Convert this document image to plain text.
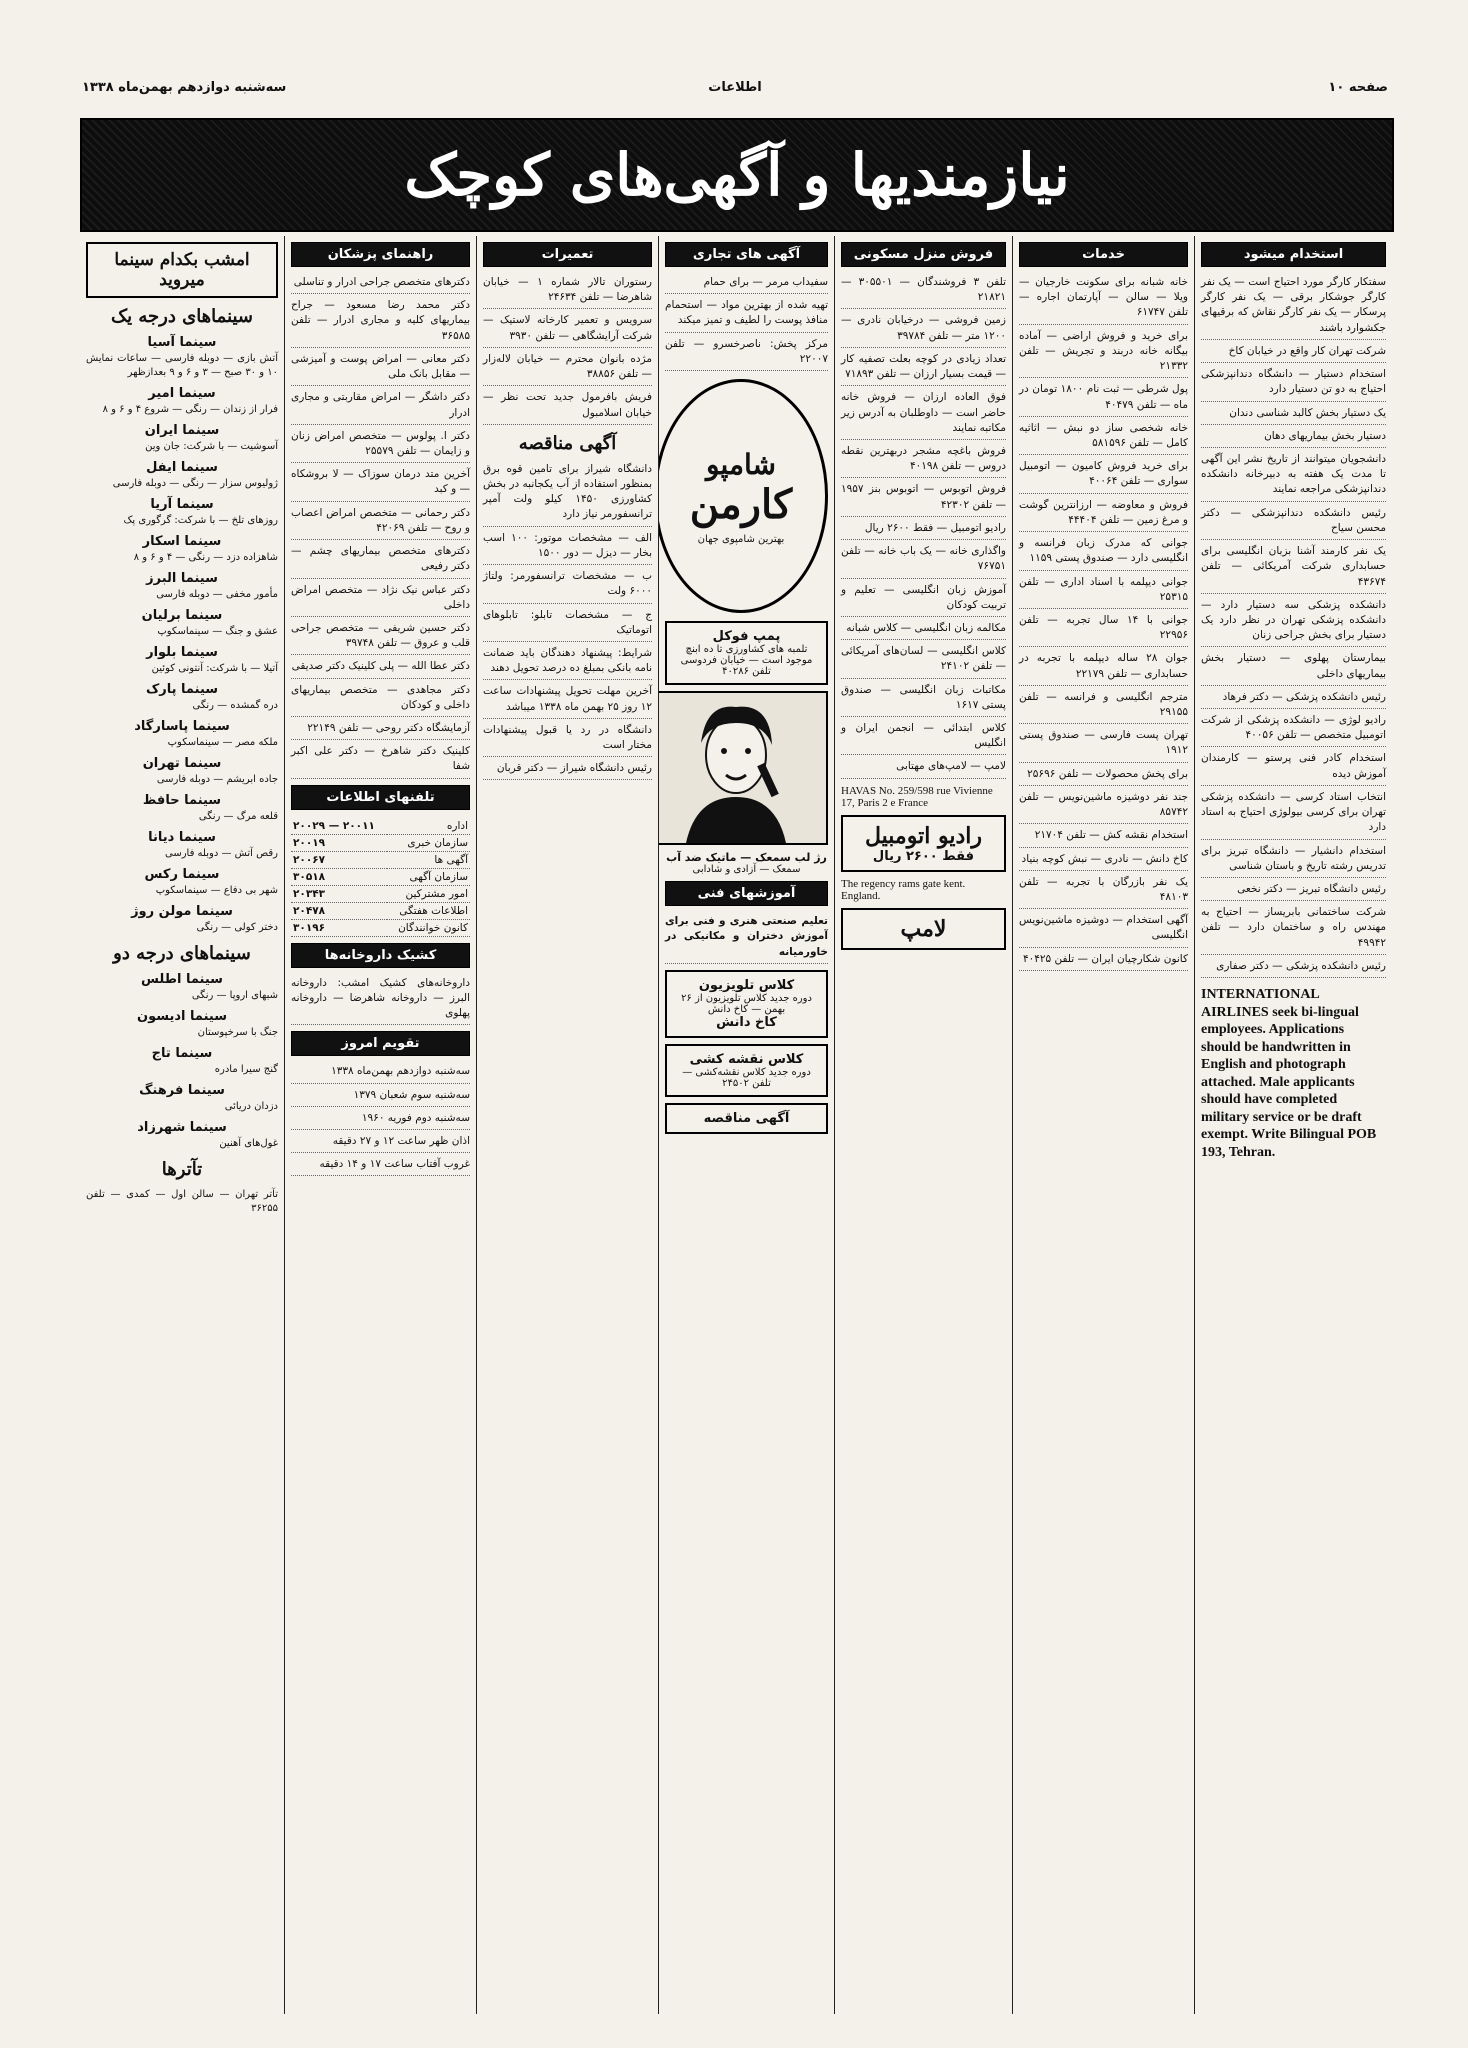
صفحه ۱۰
اطلاعات
سه‌شنبه دوازدهم بهمن‌ماه ۱۳۳۸
نیازمندیها و آگهی‌های کوچک
استخدام میشود
سفتکار کارگر مورد احتیاج است — یک نفر کارگر جوشکار برقی — یک نفر کارگر پرسکار — یک نفر کارگر نقاش که برقیهای جکشوارد باشند
شرکت تهران کار واقع در خیابان کاخ
استخدام دستیار — دانشگاه دندانپزشکی احتیاج به دو تن دستیار دارد
یک دستیار بخش کالبد شناسی دندان
دستیار بخش بیماریهای دهان
دانشجویان میتوانند از تاریخ نشر این آگهی تا مدت یک هفته به دبیرخانه دانشکده دندانپزشکی مراجعه نمایند
رئیس دانشکده دندانپزشکی — دکتر محسن سیاح
یک نفر کارمند آشنا بزبان انگلیسی برای حسابداری شرکت آمریکائی — تلفن ۴۳۶۷۴
دانشکده پزشکی سه دستیار دارد — دانشکده پزشکی تهران در نظر دارد یک دستیار برای بخش جراحی زنان
بیمارستان پهلوی — دستیار بخش بیماریهای داخلی
رئیس دانشکده پزشکی — دکتر فرهاد
رادیو لوژی — دانشکده پزشکی از شرکت اتومبیل متخصص — تلفن ۴۰۰۵۶
استخدام کادر فنی پرستو — کارمندان آموزش دیده
انتخاب استاد کرسی — دانشکده پزشکی تهران برای کرسی بیولوژی احتیاج به استاد دارد
استخدام دانشیار — دانشگاه تبریز برای تدریس رشته تاریخ و باستان شناسی
رئیس دانشگاه تبریز — دکتر نخعی
شرکت ساختمانی بابریساز — احتیاج به مهندس راه و ساختمان دارد — تلفن ۴۹۹۴۲
رئیس دانشکده پزشکی — دکتر صفاری
INTERNATIONAL AIRLINES seek bi-lingual employees. Applications should be handwritten in English and photograph attached. Male applicants should have completed military service or be draft exempt. Write Bilingual POB 193, Tehran.
خدمات
خانه شبانه برای سکونت خارجیان — ویلا — سالن — آپارتمان اجاره — تلفن ۶۱۷۴۷
برای خرید و فروش اراضی — آماده بیگانه خانه دربند و تجریش — تلفن ۲۱۳۳۲
پول شرطی — ثبت نام ۱۸۰۰ تومان در ماه — تلفن ۴۰۴۷۹
خانه شخصی ساز دو نبش — اثاثیه کامل — تلفن ۵۸۱۵۹۶
برای خرید فروش کامیون — اتومبیل سواری — تلفن ۴۰۰۶۴
فروش و معاوضه — ارزانترین گوشت و مرغ زمین — تلفن ۴۴۴۰۴
جوانی که مدرک زبان فرانسه و انگلیسی دارد — صندوق پستی ۱۱۵۹
جوانی دیپلمه با اسناد اداری — تلفن ۲۵۳۱۵
جوانی با ۱۴ سال تجربه — تلفن ۲۲۹۵۶
جوان ۲۸ ساله دیپلمه با تجربه در حسابداری — تلفن ۲۲۱۷۹
مترجم انگلیسی و فرانسه — تلفن ۲۹۱۵۵
تهران پست فارسی — صندوق پستی ۱۹۱۲
برای پخش محصولات — تلفن ۲۵۶۹۶
جند نفر دوشیزه ماشین‌نویس — تلفن ۸۵۷۴۲
استخدام نقشه کش — تلفن ۲۱۷۰۴
کاخ دانش — نادری — نبش کوچه بنیاد
یک نفر بازرگان با تجربه — تلفن ۴۸۱۰۳
آگهی استخدام — دوشیزه ماشین‌نویس انگلیسی
کانون شکارچیان ایران — تلفن ۴۰۴۲۵
فروش منزل مسکونی
تلفن ۳ فروشندگان — ۳۰۵۵۰۱ — ۲۱۸۲۱
زمین فروشی — درخیابان نادری — ۱۲۰۰ متر — تلفن ۳۹۷۸۴
تعداد زیادی در کوچه بعلت تصفیه کار — قیمت بسیار ارزان — تلفن ۷۱۸۹۳
فوق العاده ارزان — فروش خانه حاضر است — داوطلبان به آدرس زیر مکاتبه نمایند
فروش باغچه مشجر دربهترین نقطه دروس — تلفن ۴۰۱۹۸
فروش اتوبوس — اتوبوس بنز ۱۹۵۷ — تلفن ۴۲۳۰۲
رادیو اتومبیل — فقط ۲۶۰۰ ریال
واگذاری خانه — یک باب خانه — تلفن ۷۶۷۵۱
آموزش زبان انگلیسی — تعلیم و تربیت کودکان
مکالمه زبان انگلیسی — کلاس شبانه
کلاس انگلیسی — لسان‌های آمریکائی — تلفن ۲۴۱۰۲
مکاتبات زبان انگلیسی — صندوق پستی ۱۶۱۷
کلاس ابتدائی — انجمن ایران و انگلیس
لامپ — لامپ‌های مهتابی
HAVAS No. 259/598 rue Vivienne 17, Paris 2 e France
رادیو اتومبیل
فقط ۲۶۰۰ ریال
The regency rams gate kent. England.
لامپ
آگهی های تجاری
سفیداب مرمر — برای حمام
تهیه شده از بهترین مواد — استحمام منافذ پوست را لطیف و تمیز میکند
مرکز پخش: ناصرخسرو — تلفن ۲۲۰۰۷
شامپو
کارمن
بهترین شامپوی جهان
پمپ فوکل
تلمبه های کشاورزی تا ده ابنچ موجود است — خیابان فردوسی
تلفن ۴۰۲۸۶
رژ لب سمعک — ماتیک ضد آب
سمعک — آزادی و شادابی
آموزشهای فنی
تعلیم صنعتی هنری و فنی برای آموزش دختران و مکانیکی در خاورمیانه
کلاس تلویزیون
دوره جدید کلاس تلویزیون از ۲۶ بهمن — کاخ دانش
کاخ دانش
کلاس نقشه کشی
دوره جدید کلاس نقشه‌کشی — تلفن ۲۴۵۰۲
آگهی مناقصه
تعمیرات
رستوران تالار شماره ۱ — خیابان شاهرضا — تلفن ۲۴۶۳۴
سرویس و تعمیر کارخانه لاستیک — شرکت آرایشگاهی — تلفن ۳۹۳۰
مژده بانوان محترم — خیابان لاله‌زار — تلفن ۳۸۸۵۶
فریش بافرمول جدید تحت نظر — خیابان اسلامبول
آگهی مناقصه
دانشگاه شیراز برای تامین قوه برق بمنظور استفاده از آب یکجانبه در بخش کشاورزی ۱۴۵۰ کیلو ولت آمپر ترانسفورمر نیاز دارد
الف — مشخصات موتور: ۱۰۰ اسب بخار — دیزل — دور ۱۵۰۰
ب — مشخصات ترانسفورمر: ولتاژ ۶۰۰۰ ولت
ج — مشخصات تابلو: تابلوهای اتوماتیک
شرایط: پیشنهاد دهندگان باید ضمانت نامه بانکی بمبلغ ده درصد تحویل دهند
آخرین مهلت تحویل پیشنهادات ساعت ۱۲ روز ۲۵ بهمن ماه ۱۳۳۸ میباشد
دانشگاه در رد یا قبول پیشنهادات مختار است
رئیس دانشگاه شیراز — دکتر قربان
راهنمای پزشکان
دکترهای متخصص جراحی ادرار و تناسلی
دکتر محمد رضا مسعود — جراح بیماریهای کلیه و مجاری ادرار — تلفن ۳۶۵۸۵
دکتر معانی — امراض پوست و آمیزشی — مقابل بانک ملی
دکتر داشگر — امراض مقاربتی و مجاری ادرار
دکتر ا. پولوس — متخصص امراض زنان و زایمان — تلفن ۲۵۵۷۹
آخرین متد درمان سوزاک — لا بروشکاه — و کبد
دکتر رحمانی — متخصص امراض اعصاب و روح — تلفن ۴۲۰۶۹
دکترهای متخصص بیماریهای چشم — دکتر رفیعی
دکتر عباس نیک نژاد — متخصص امراض داخلی
دکتر حسین شریفی — متخصص جراحی قلب و عروق — تلفن ۳۹۷۴۸
دکتر عطا الله — پلی کلینیک دکتر صدیقی
دکتر مجاهدی — متخصص بیماریهای داخلی و کودکان
آزمایشگاه دکتر روحی — تلفن ۲۲۱۴۹
کلینیک دکتر شاهرخ — دکتر علی اکبر شفا
تلفنهای اطلاعات
اداره	۲۰۰۲۹ — ۲۰۰۱۱
سازمان خبری	۲۰۰۱۹
آگهی ها	۲۰۰۶۷
سازمان آگهی	۳۰۵۱۸
امور مشترکین	۲۰۳۴۳
اطلاعات هفتگی	۲۰۴۷۸
کانون خوانندگان	۳۰۱۹۶
کشیک داروخانه‌ها
داروخانه‌های کشیک امشب: داروخانه البرز — داروخانه شاهرضا — داروخانه پهلوی
تقویم امروز
سه‌شنبه دوازدهم بهمن‌ماه ۱۳۳۸
سه‌شنبه سوم شعبان ۱۳۷۹
سه‌شنبه دوم فوریه ۱۹۶۰
اذان ظهر ساعت ۱۲ و ۲۷ دقیقه
غروب آفتاب ساعت ۱۷ و ۱۴ دقیقه
امشب بکدام سینما میروید
سینماهای درجه یک
سینما آسیا
آتش بازی — دوبله فارسی — ساعات نمایش ۱۰ و ۳۰ صبح — ۳ و ۶ و ۹ بعدازظهر
سینما امیر
فرار از زندان — رنگی — شروع ۴ و ۶ و ۸
سینما ایران
آسوشیت — با شرکت: جان وین
سینما ایفل
ژولیوس سزار — رنگی — دوبله فارسی
سینما آریا
روزهای تلخ — با شرکت: گرگوری پک
سینما اسکار
شاهزاده دزد — رنگی — ۴ و ۶ و ۸
سینما البرز
مأمور مخفی — دوبله فارسی
سینما برلیان
عشق و جنگ — سینماسکوپ
سینما بلوار
آتیلا — با شرکت: آنتونی کوئین
سینما پارک
دره گمشده — رنگی
سینما پاسارگاد
ملکه مصر — سینماسکوپ
سینما تهران
جاده ابریشم — دوبله فارسی
سینما حافظ
قلعه مرگ — رنگی
سینما دیانا
رقص آتش — دوبله فارسی
سینما رکس
شهر بی دفاع — سینماسکوپ
سینما مولن روژ
دختر کولی — رنگی
سینماهای درجه دو
سینما اطلس
شبهای اروپا — رنگی
سینما ادیسون
جنگ با سرخپوستان
سینما تاج
گنج سیرا مادره
سینما فرهنگ
دزدان دریائی
سینما شهرزاد
غول‌های آهنین
تآترها
تآتر تهران — سالن اول — کمدی — تلفن ۳۶۲۵۵
